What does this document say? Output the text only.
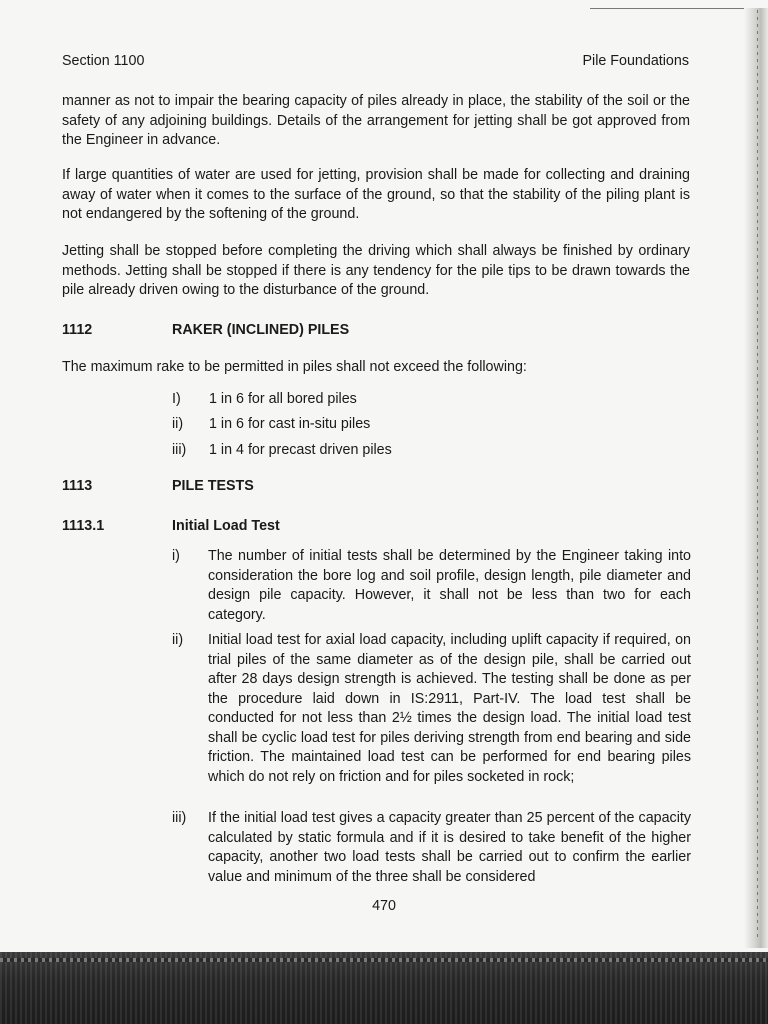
Section 1100	Pile Foundations
manner as not to impair the bearing capacity of piles already in place, the stability of the soil or the safety of any adjoining buildings. Details of the arrangement for jetting shall be got approved from the Engineer in advance.
If large quantities of water are used for jetting, provision shall be made for collecting and draining away of water when it comes to the surface of the ground, so that the stability of the piling plant is not endangered by the softening of the ground.
Jetting shall be stopped before completing the driving which shall always be finished by ordinary methods. Jetting shall be stopped if there is any tendency for the pile tips to be drawn towards the pile already driven owing to the disturbance of the ground.
1112	RAKER (INCLINED) PILES
The maximum rake to be permitted in piles shall not exceed the following:
I)	1 in 6 for all bored piles
ii)	1 in 6 for cast in-situ piles
iii)	1 in 4 for precast driven piles
1113	PILE TESTS
1113.1	Initial Load Test
i)	The number of initial tests shall be determined by the Engineer taking into consideration the bore log and soil profile, design length, pile diameter and design pile capacity. However, it shall not be less than two for each category.
ii)	Initial load test for axial load capacity, including uplift capacity if required, on trial piles of the same diameter as of the design pile, shall be carried out after 28 days design strength is achieved. The testing shall be done as per the procedure laid down in IS:2911, Part-IV. The load test shall be conducted for not less than 2½ times the design load. The initial load test shall be cyclic load test for piles deriving strength from end bearing and side friction. The maintained load test can be performed for end bearing piles which do not rely on friction and for piles socketed in rock;
iii)	If the initial load test gives a capacity greater than 25 percent of the capacity calculated by static formula and if it is desired to take benefit of the higher capacity, another two load tests shall be carried out to confirm the earlier value and minimum of the three shall be considered
470
